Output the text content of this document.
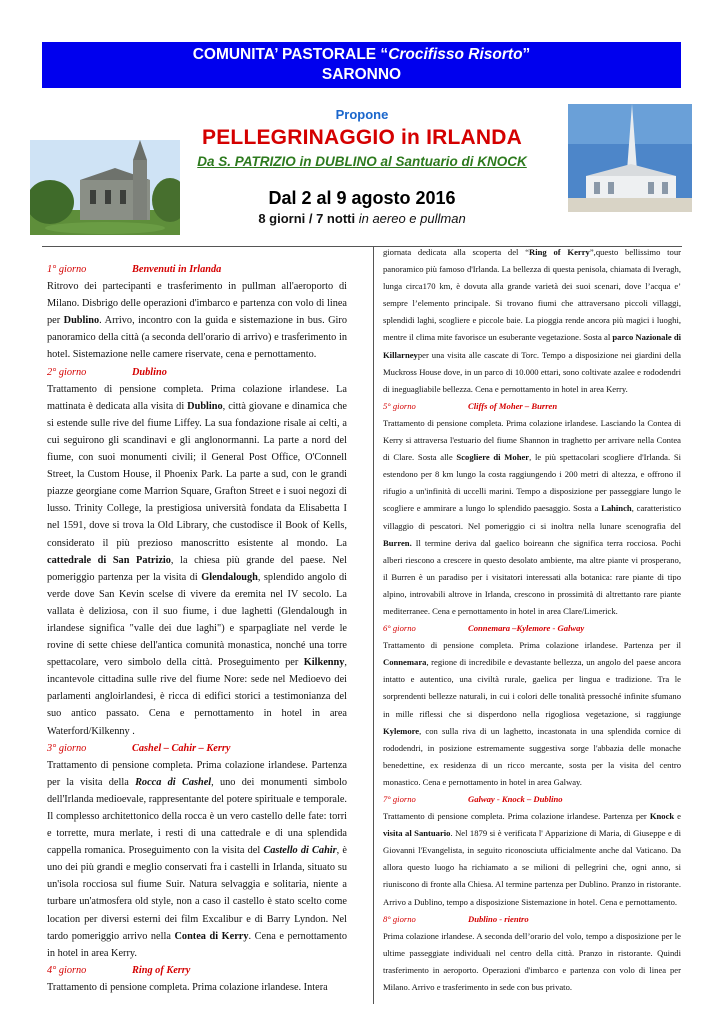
COMUNITA’ PASTORALE “Crocifisso Risorto”
SARONNO
Propone
PELLEGRINAGGIO in IRLANDA
Da S. PATRIZIO in DUBLINO al Santuario di KNOCK
Dal 2 al 9 agosto 2016
8 giorni / 7 notti in aereo e pullman
1° giorno	Benvenuti in Irlanda

Ritrovo dei partecipanti e trasferimento in pullman all'aeroporto di Milano. Disbrigo delle operazioni d'imbarco e partenza con volo di linea per Dublino. Arrivo, incontro con la guida e sistemazione in bus. Giro panoramico della città (a seconda dell'orario di arrivo) e trasferimento in hotel. Sistemazione nelle camere riservate, cena e pernottamento.

2° giorno	Dublino

Trattamento di pensione completa. Prima colazione irlandese. La mattinata è dedicata alla visita di Dublino, città giovane e dinamica che si estende sulle rive del fiume Liffey. La sua fondazione risale ai celti, a cui seguirono gli scandinavi e gli anglonormanni. La parte a nord del fiume, con suoi monumenti civili; il General Post Office, O'Connell Street, la Custom House, il Phoenix Park. La parte a sud, con le grandi piazze georgiane come Marrion Square, Grafton Street e i suoi negozi di lusso. Trinity College, la prestigiosa università fondata da Elisabetta I nel 1591, dove si trova la Old Library, che custodisce il Book of Kells, considerato il più prezioso manoscritto esistente al mondo. La cattedrale di San Patrizio, la chiesa più grande del paese. Nel pomeriggio partenza per la visita di Glendalough, splendido angolo di verde dove San Kevin scelse di vivere da eremita nel IV secolo. La vallata è deliziosa, con il suo fiume, i due laghetti (Glendalough in irlandese significa "valle dei due laghi") e sparpagliate nel verde le rovine di sette chiese dell'antica comunità monastica, nonché una torre spettacolare, vero simbolo della città. Proseguimento per Kilkenny, incantevole cittadina sulle rive del fiume Nore: sede nel Medioevo dei parlamenti angloirlandesi, è ricca di edifici storici a testimonianza del suo antico passato. Cena e pernottamento in hotel in area Waterford/Kilkenny .

3° giorno	Cashel – Cahir – Kerry

Trattamento di pensione completa. Prima colazione irlandese. Partenza per la visita della Rocca di Cashel, uno dei monumenti simbolo dell'Irlanda medioevale, rappresentante del potere spirituale e temporale. Il complesso architettonico della rocca è un vero castello delle fate: torri e torrette, mura merlate, i resti di una cattedrale e di una splendida cappella romanica. Proseguimento con la visita del Castello di Cahir, è uno dei più grandi e meglio conservati fra i castelli in Irlanda, situato su un'isola rocciosa sul fiume Suir. Natura selvaggia e solitaria, niente a turbare un'atmosfera old style, non a caso il castello è stato scelto come location per diversi esterni dei film Excalibur e di Barry Lyndon. Nel tardo pomeriggio arrivo nella Contea di Kerry. Cena e pernottamento in hotel in area Kerry.

4° giorno	Ring of Kerry

Trattamento di pensione completa. Prima colazione irlandese. Intera

giornata dedicata alla scoperta del “Ring of Kerry”,questo bellissimo tour panoramico più famoso d'Irlanda. La bellezza di questa penisola, chiamata di Iveragh, lunga circa170 km, è dovuta alla grande varietà dei suoi scenari, dove l’acqua e’ sempre l’elemento principale. Si trovano fiumi che attraversano piccoli villaggi, splendidi laghi, scogliere e piccole baie. La pioggia rende ancora più magici i luoghi, mentre il clima mite favorisce un esuberante vegetazione. Sosta al parco Nazionale di Killarneyper una visita alle cascate di Torc. Tempo a disposizione nei giardini della Muckross House dove, in un parco di 10.000 ettari, sono coltivate azalee e rododendri di ineguagliabile bellezza. Cena e pernottamento in hotel in area Kerry.

5° giorno	Cliffs of Moher – Burren

Trattamento di pensione completa. Prima colazione irlandese. Lasciando la Contea di Kerry si attraversa l'estuario del fiume Shannon in traghetto per arrivare nella Contea di Clare. Sosta alle Scogliere di Moher, le più spettacolari scogliere d'Irlanda. Si estendono per 8 km lungo la costa raggiungendo i 200 metri di altezza, e offrono il rifugio a un'infinità di uccelli marini. Tempo a disposizione per passeggiare lungo le scogliere e ammirare a lungo lo splendido paesaggio. Sosta a Lahinch, caratteristico villaggio di pescatori. Nel pomeriggio ci si inoltra nella lunare scenografia del Burren. Il termine deriva dal gaelico boireann che significa terra rocciosa. Pochi alberi riescono a crescere in questo desolato ambiente, ma altre piante vi prosperano, il Burren è un paradiso per i visitatori interessati alla botanica: rare piante di tipo alpino, introvabili altrove in Irlanda, crescono in prossimità di altrettanto rare piante mediterranee. Cena e pernottamento in hotel in area Clare/Limerick.

6° giorno	Connemara –Kylemore - Galway

Trattamento di pensione completa. Prima colazione irlandese. Partenza per il Connemara, regione di incredibile e devastante bellezza, un angolo del paese ancora intatto e autentico, una civiltà rurale, gaelica per lingua e tradizione. Tra le sorprendenti bellezze naturali, in cui i colori delle tonalità pressoché infinite sfumano in mille riflessi che si disperdono nella rigogliosa vegetazione, si raggiunge Kylemore, con sulla riva di un laghetto, incastonata in una splendida cornice di rododendri, in posizione estremamente suggestiva sorge l'abbazia delle monache benedettine, ex residenza di un ricco mercante, sosta per la visita del centro monastico. Cena e pernottamento in hotel in area Galway.

7° giorno	Galway - Knock – Dublino

Trattamento di pensione completa. Prima colazione irlandese. Partenza per Knock e visita al Santuario. Nel 1879 si è verificata l' Apparizione di Maria, di Giuseppe e di Giovanni l'Evangelista, in seguito riconosciuta ufficialmente anche dal Vaticano. Da allora questo luogo ha richiamato a se milioni di pellegrini che, ogni anno, si riuniscono di fronte alla Chiesa. Al termine partenza per Dublino. Pranzo in ristorante. Arrivo a Dublino, tempo a disposizione Sistemazione in hotel. Cena e pernottamento.

8° giorno	Dublino - rientro

Prima colazione irlandese. A seconda dell’orario del volo, tempo a disposizione per le ultime passeggiate individuali nel centro della città. Pranzo in ristorante. Quindi trasferimento in aeroporto. Operazioni d'imbarco e partenza con volo di linea per Milano. Arrivo e trasferimento in sede con bus privato.
